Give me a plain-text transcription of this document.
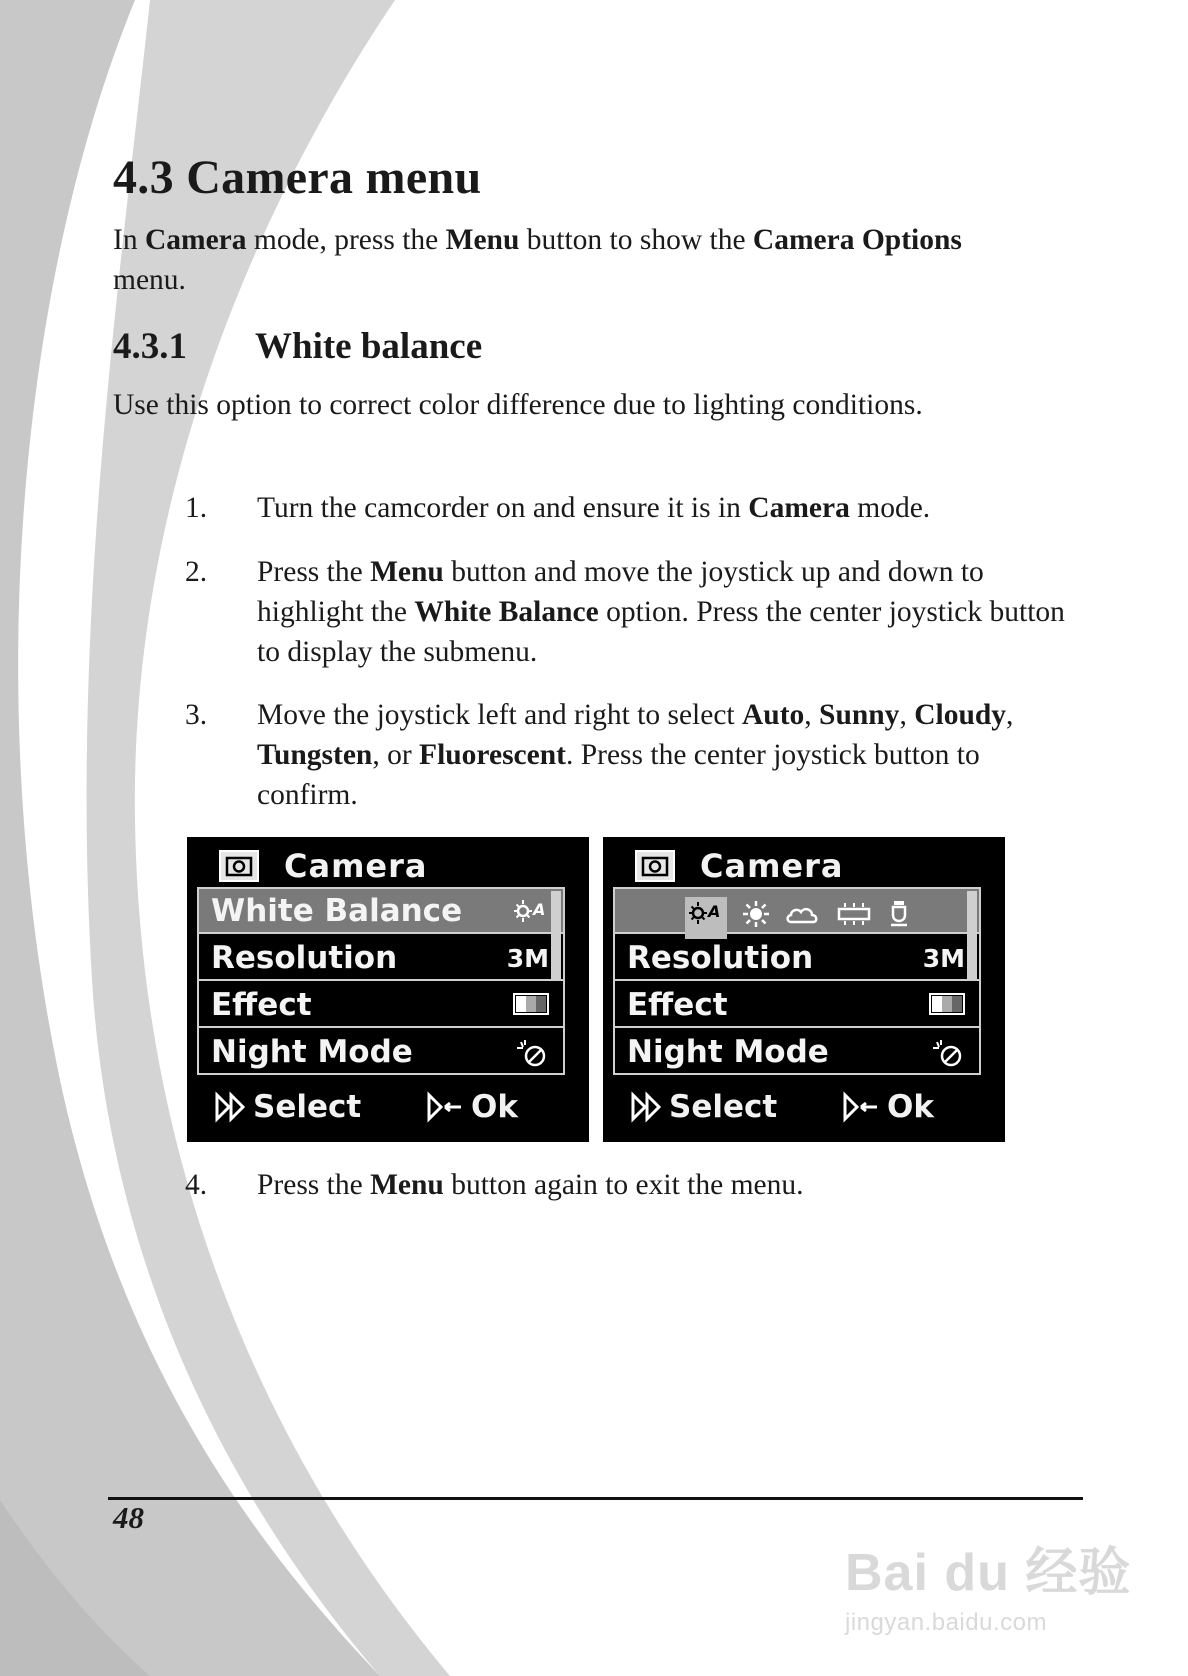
4.3 Camera menu

In Camera mode, press the Menu button to show the Camera Options menu.

4.3.1 White balance

Use this option to correct color difference due to lighting conditions.

1. Turn the camcorder on and ensure it is in Camera mode.
2. Press the Menu button and move the joystick up and down to highlight the White Balance option. Press the center joystick button to display the submenu.
3. Move the joystick left and right to select Auto, Sunny, Cloudy, Tungsten, or Fluorescent. Press the center joystick button to confirm.
Camera
White Balance	A
Resolution	3M
Effect
Night Mode
Select	Ok
Camera
A
Resolution	3M
Effect
Night Mode
Select	Ok
4. Press the Menu button again to exit the menu.
48
Bai du 经验
jingyan.baidu.com
